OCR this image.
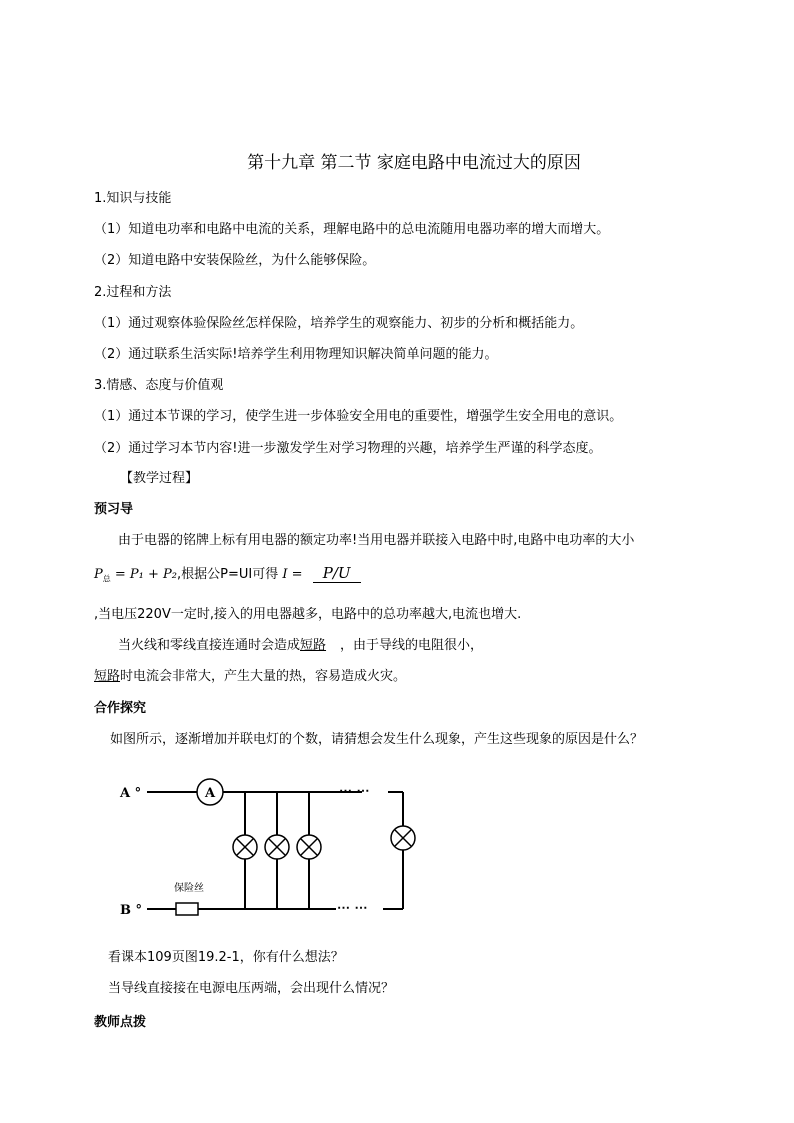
第十九章 第二节 家庭电路中电流过大的原因
1.知识与技能
（1）知道电功率和电路中电流的关系，理解电路中的总电流随用电器功率的增大而增大。
（2）知道电路中安装保险丝，为什么能够保险。
2.过程和方法
（1）通过观察体验保险丝怎样保险，培养学生的观察能力、初步的分析和概括能力。
（2）通过联系生活实际!培养学生利用物理知识解决简单问题的能力。
3.情感、态度与价值观
（1）通过本节课的学习，使学生进一步体验安全用电的重要性，增强学生安全用电的意识。
（2）通过学习本节内容!进一步激发学生对学习物理的兴趣，培养学生严谨的科学态度。
【教学过程】
预习导
由于电器的铭牌上标有用电器的额定功率!当用电器并联接入电路中时,电路中电功率的大小
$P_总 = P_1 + P_2$,根据公P=UI可得 I = P/U
,当电压220V一定时,接入的用电器越多，电路中的总功率越大,电流也增大.
当火线和零线直接连通时会造成短路 ，由于导线的电阻很小，
短路时电流会非常大，产生大量的热，容易造成火灾。
合作探究
如图所示，逐渐增加并联电灯的个数，请猜想会发生什么现象，产生这些现象的原因是什么？
A
保险丝
A °
B °
⋯ ⋯
⋯ ⋯
看课本109页图19.2-1，你有什么想法？
当导线直接接在电源电压两端，会出现什么情况？
教师点拨
